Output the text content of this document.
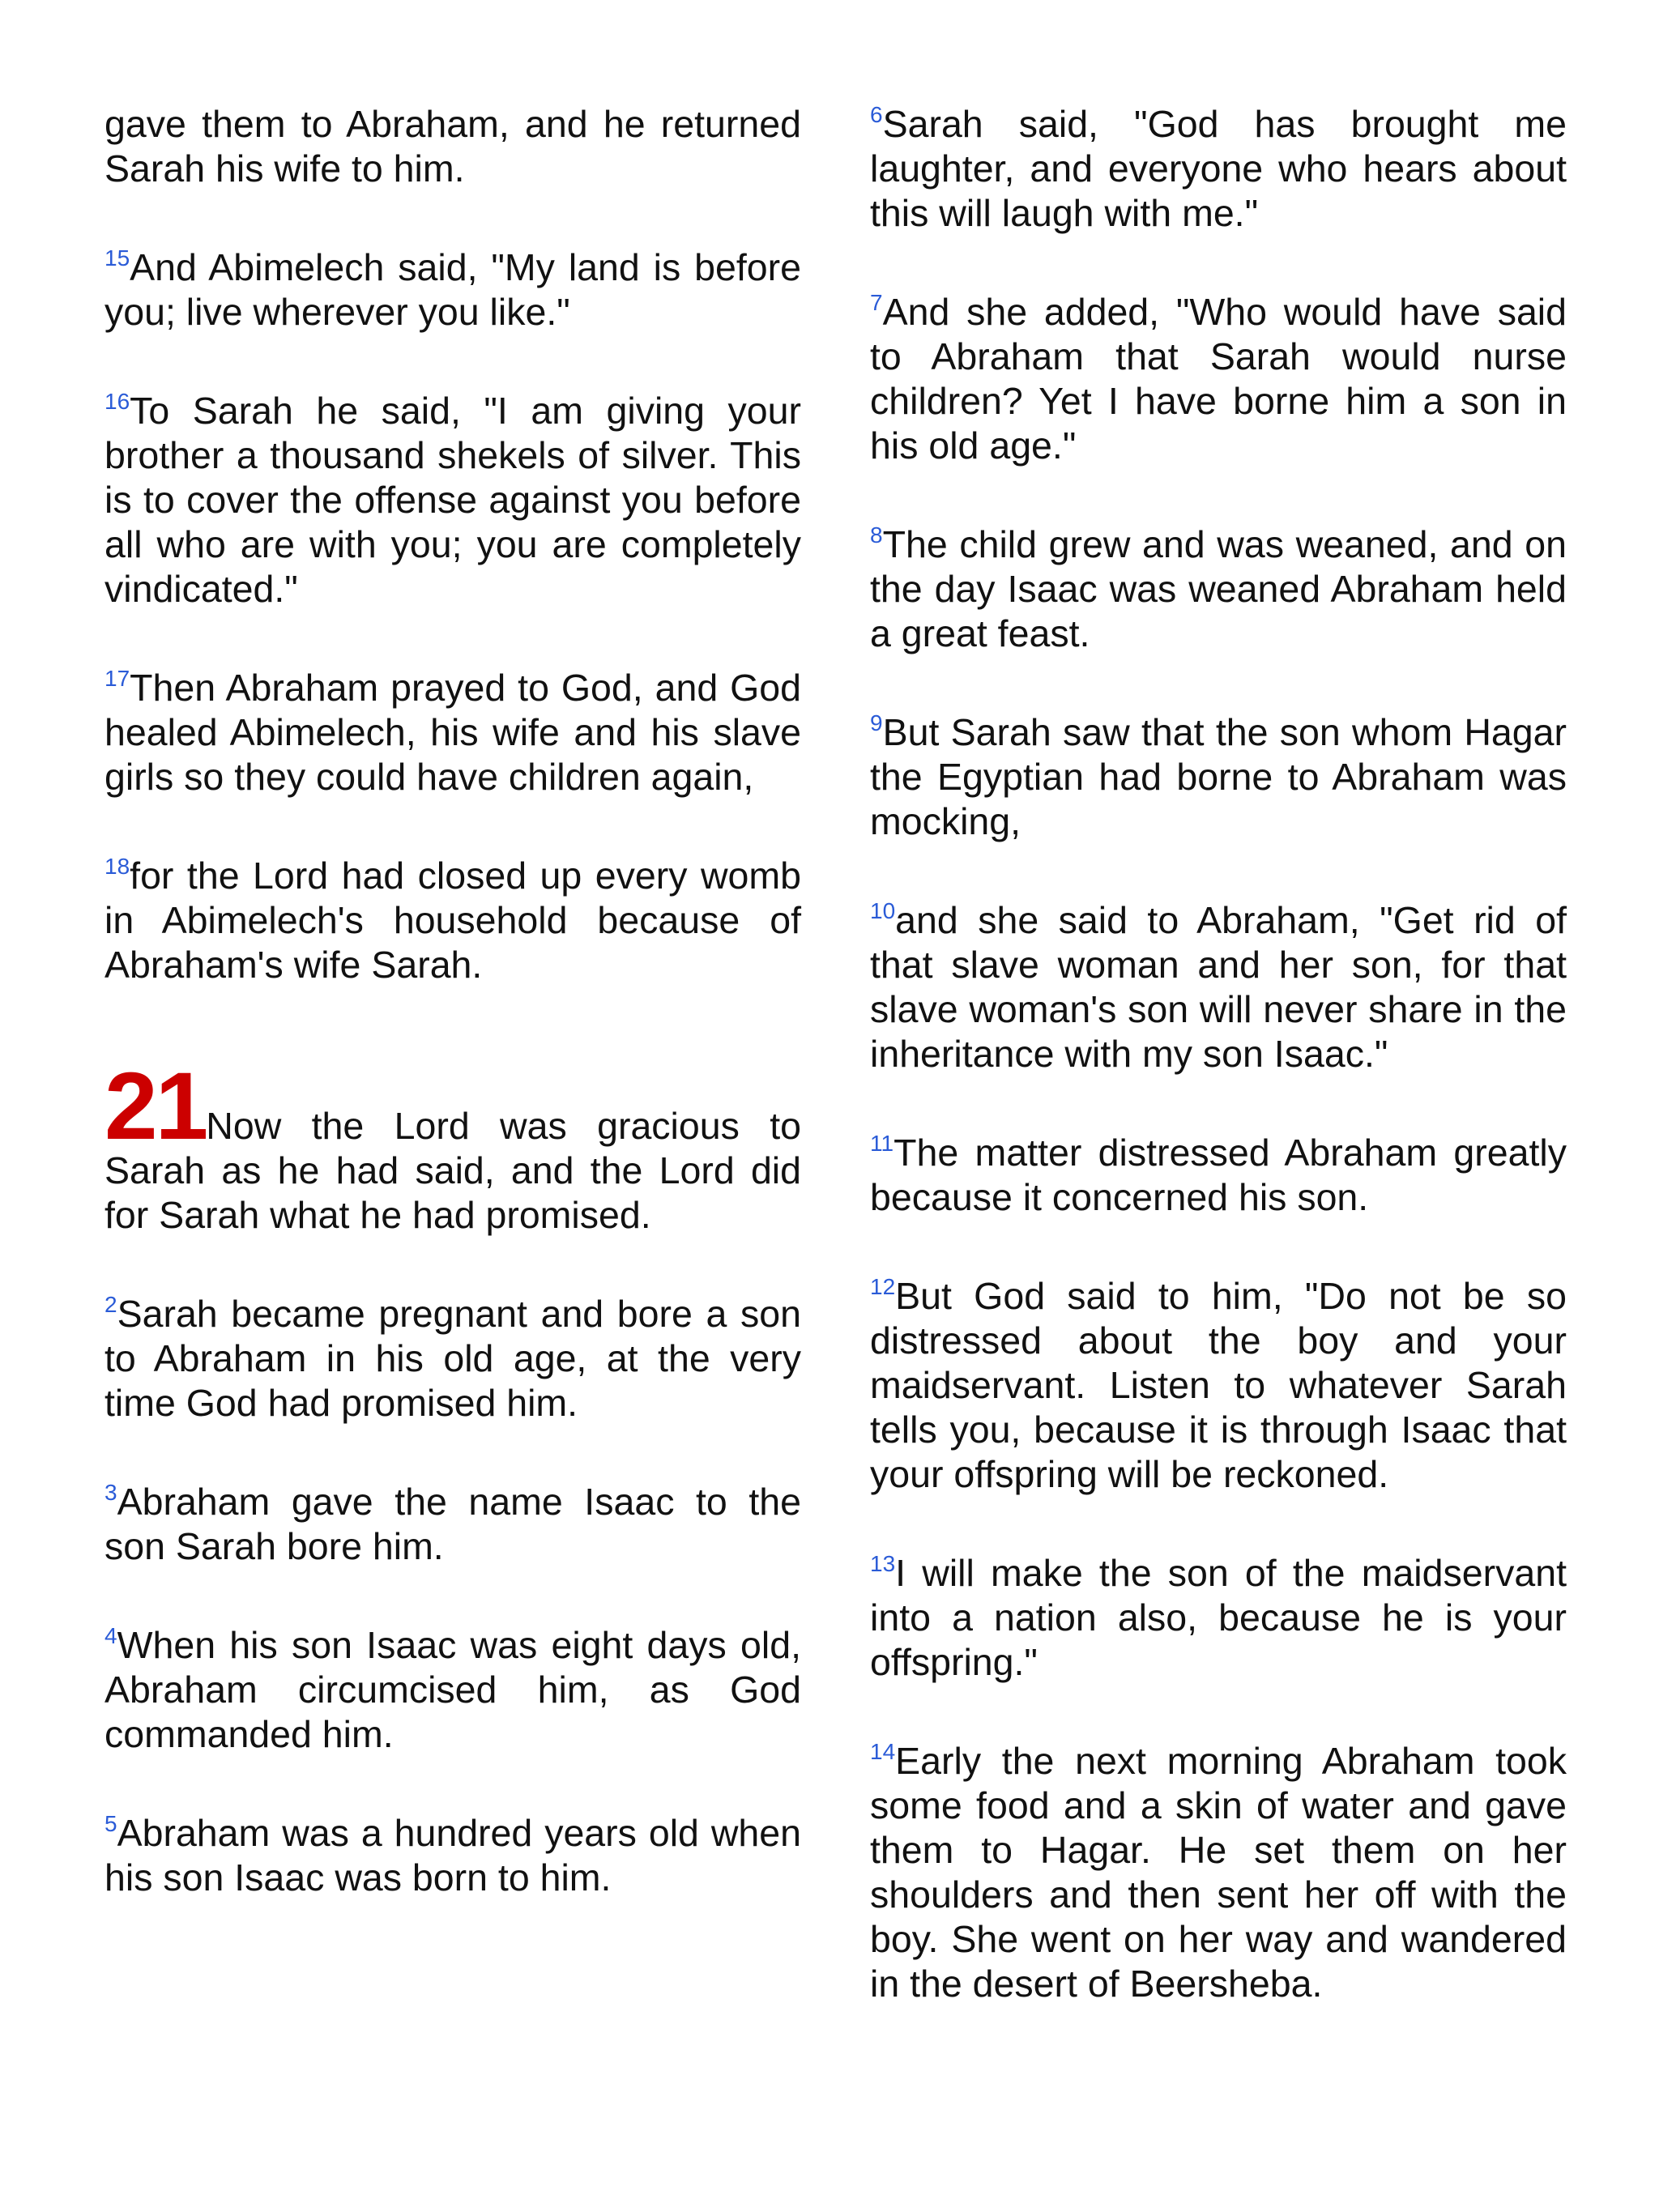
gave them to Abraham, and he returned Sarah his wife to him.

$^{15}$And Abimelech said, "My land is before you; live wherever you like."

$^{16}$To Sarah he said, "I am giving your brother a thousand shekels of silver. This is to cover the offense against you before all who are with you; you are completely vindicated."

$^{17}$Then Abraham prayed to God, and God healed Abimelech, his wife and his slave girls so they could have children again,

$^{18}$for the Lord had closed up every womb in Abimelech's household because of Abraham's wife Sarah.

21Now the Lord was gracious to Sarah as he had said, and the Lord did for Sarah what he had promised.

$^2$Sarah became pregnant and bore a son to Abraham in his old age, at the very time God had promised him.

$^3$Abraham gave the name Isaac to the son Sarah bore him.

$^4$When his son Isaac was eight days old, Abraham circumcised him, as God commanded him.

$^5$Abraham was a hundred years old when his son Isaac was born to him.

$^6$Sarah said, "God has brought me laughter, and everyone who hears about this will laugh with me."

$^7$And she added, "Who would have said to Abraham that Sarah would nurse children? Yet I have borne him a son in his old age."

$^8$The child grew and was weaned, and on the day Isaac was weaned Abraham held a great feast.

$^9$But Sarah saw that the son whom Hagar the Egyptian had borne to Abraham was mocking,

$^{10}$and she said to Abraham, "Get rid of that slave woman and her son, for that slave woman's son will never share in the inheritance with my son Isaac."

$^{11}$The matter distressed Abraham greatly because it concerned his son.

$^{12}$But God said to him, "Do not be so distressed about the boy and your maidservant. Listen to whatever Sarah tells you, because it is through Isaac that your offspring will be reckoned.

$^{13}$I will make the son of the maidservant into a nation also, because he is your offspring."

$^{14}$Early the next morning Abraham took some food and a skin of water and gave them to Hagar. He set them on her shoulders and then sent her off with the boy. She went on her way and wandered in the desert of Beersheba.
